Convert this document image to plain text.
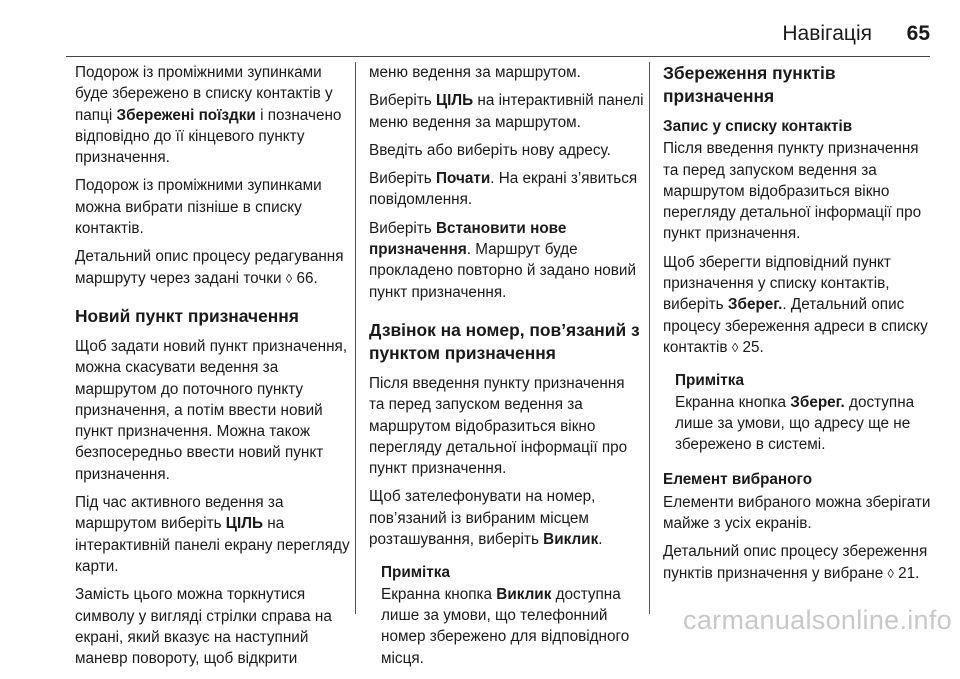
Навігація 65

Подорож із проміжними зупинками буде збережено в списку контактів у папці Збережені поїздки і позначено відповідно до її кінцевого пункту призначення.

Подорож із проміжними зупинками можна вибрати пізніше в списку контактів.

Детальний опис процесу редагування маршруту через задані точки ◊ 66.

Новий пункт призначення

Щоб задати новий пункт призначення, можна скасувати ведення за маршрутом до поточного пункту призначення, а потім ввести новий пункт призначення. Можна також безпосередньо ввести новий пункт призначення.

Під час активного ведення за маршрутом виберіть ЦІЛЬ на інтерактивній панелі екрану перегляду карти.

Замість цього можна торкнутися символу у вигляді стрілки справа на екрані, який вказує на наступний маневр повороту, щоб відкрити

меню ведення за маршрутом.

Виберіть ЦІЛЬ на інтерактивній панелі меню ведення за маршрутом.

Введіть або виберіть нову адресу.

Виберіть Почати. На екрані з’явиться повідомлення.

Виберіть Встановити нове призначення. Маршрут буде прокладено повторно й задано новий пункт призначення.

Дзвінок на номер, пов’язаний з пунктом призначення

Після введення пункту призначення та перед запуском ведення за маршрутом відобразиться вікно перегляду детальної інформації про пункт призначення.

Щоб зателефонувати на номер, пов’язаний із вибраним місцем розташування, виберіть Виклик.

Примітка
Екранна кнопка Виклик доступна лише за умови, що телефонний номер збережено для відповідного місця.
Збереження пунктів призначення
Запис у списку контактів

Після введення пункту призначення та перед запуском ведення за маршрутом відобразиться вікно перегляду детальної інформації про пункт призначення.

Щоб зберегти відповідний пункт призначення у списку контактів, виберіть Зберег.. Детальний опис процесу збереження адреси в списку контактів ◊ 25.

Примітка
Екранна кнопка Зберег. доступна лише за умови, що адресу ще не збережено в системі.
Елемент вибраного

Елементи вибраного можна зберігати майже з усіх екранів.

Детальний опис процесу збереження пунктів призначення у вибране ◊ 21.

carmanualsonline.info
